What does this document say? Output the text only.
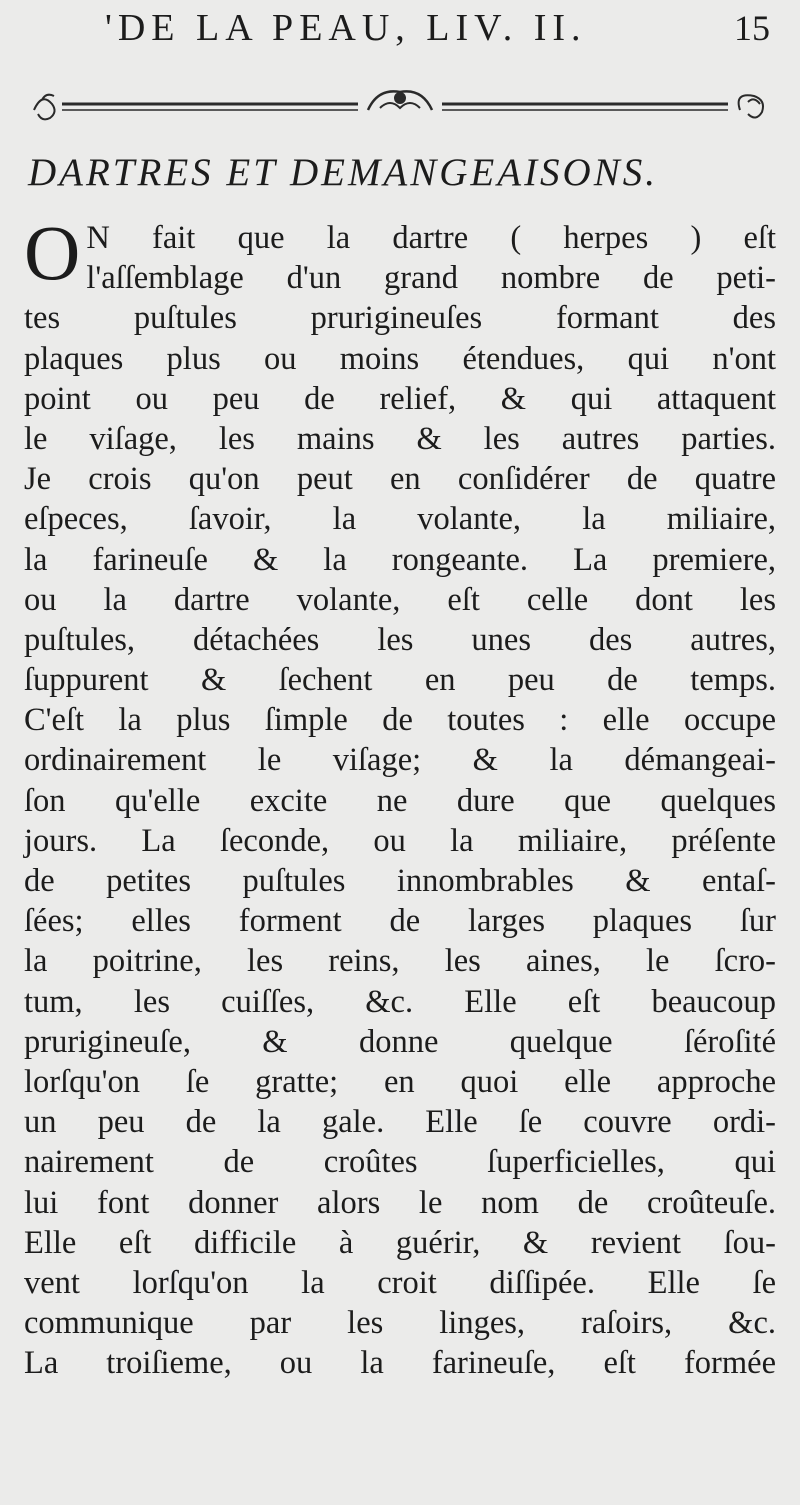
'DE LA PEAU, LIV. II.	15
DARTRES ET DEMANGEAISONS.
O N fait que la dartre ( herpes ) eſt
l'aſſemblage d'un grand nombre de peti-
tes puſtules prurigineuſes formant des
plaques plus ou moins étendues, qui n'ont
point ou peu de relief, & qui attaquent
le viſage, les mains & les autres parties.
Je crois qu'on peut en conſidérer de quatre
eſpeces, ſavoir, la volante, la miliaire,
la farineuſe & la rongeante. La premiere,
ou la dartre volante, eſt celle dont les
puſtules, détachées les unes des autres,
ſuppurent & ſechent en peu de temps.
C'eſt la plus ſimple de toutes : elle occupe
ordinairement le viſage; & la démangeai-
ſon qu'elle excite ne dure que quelques
jours. La ſeconde, ou la miliaire, préſente
de petites puſtules innombrables & entaſ-
ſées; elles forment de larges plaques ſur
la poitrine, les reins, les aines, le ſcro-
tum, les cuiſſes, &c. Elle eſt beaucoup
prurigineuſe, & donne quelque ſéroſité
lorſqu'on ſe gratte; en quoi elle approche
un peu de la gale. Elle ſe couvre ordi-
nairement de croûtes ſuperficielles, qui
lui font donner alors le nom de croûteuſe.
Elle eſt difficile à guérir, & revient ſou-
vent lorſqu'on la croit diſſipée. Elle ſe
communique par les linges, raſoirs, &c.
La troiſieme, ou la farineuſe, eſt formée
